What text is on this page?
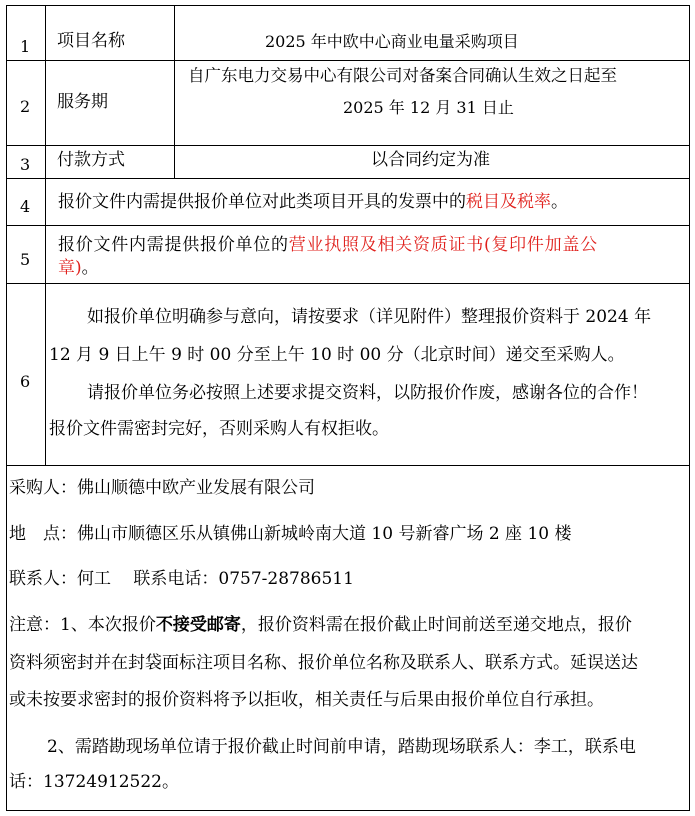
1 项目名称	2025 年中欧中心商业电量采购项目
2 服务期
自广东电力交易中心有限公司对备案合同确认生效之日起至
2025 年 12 月 31 日止
3 付款方式	以合同约定为准
4 报价文件内需提供报价单位对此类项目开具的发票中的税目及税率。
5
报价文件内需提供报价单位的营业执照及相关资质证书(复印件加盖公
章)。
6
如报价单位明确参与意向，请按要求（详见附件）整理报价资料于 2024 年
12 月 9 日上午 9 时 00 分至上午 10 时 00 分（北京时间）递交至采购人。
请报价单位务必按照上述要求提交资料，以防报价作废，感谢各位的合作！
报价文件需密封完好，否则采购人有权拒收。
采购人：佛山顺德中欧产业发展有限公司
地　点：佛山市顺德区乐从镇佛山新城岭南大道 10 号新睿广场 2 座 10 楼
联系人：何工　 联系电话：0757-28786511
注意：1、本次报价不接受邮寄，报价资料需在报价截止时间前送至递交地点，报价
资料须密封并在封袋面标注项目名称、报价单位名称及联系人、联系方式。延误送达
或未按要求密封的报价资料将予以拒收，相关责任与后果由报价单位自行承担。
2、需踏勘现场单位请于报价截止时间前申请，踏勘现场联系人：李工，联系电
话：13724912522。
